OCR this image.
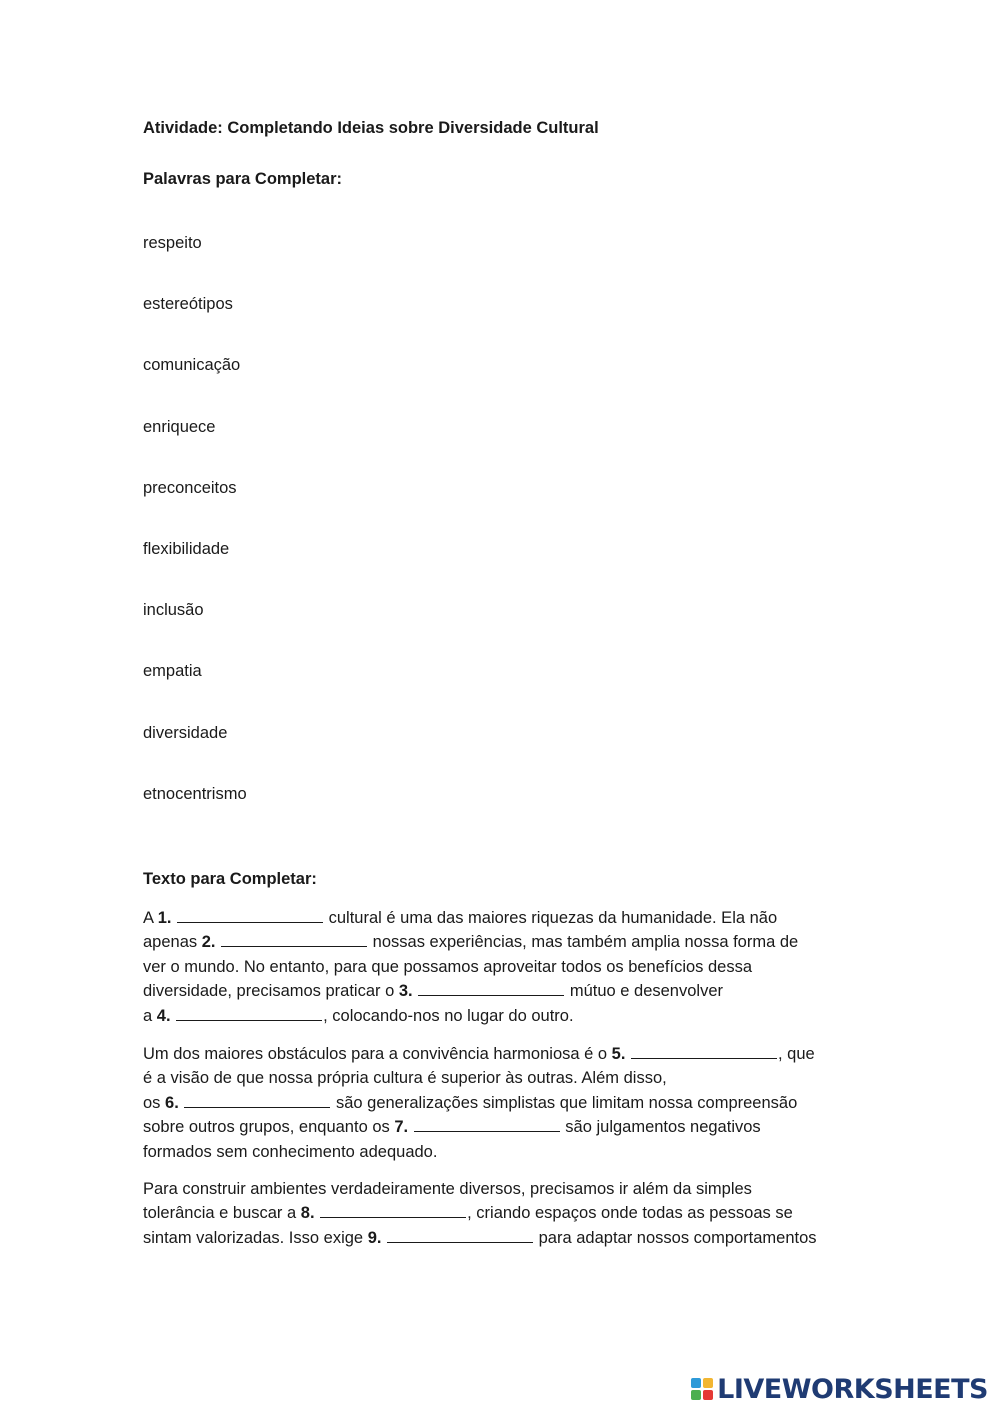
Atividade: Completando Ideias sobre Diversidade Cultural
Palavras para Completar:
respeito
estereótipos
comunicação
enriquece
preconceitos
flexibilidade
inclusão
empatia
diversidade
etnocentrismo
Texto para Completar:

A 1.	cultural é uma das maiores riquezas da humanidade. Ela não
apenas 2.	nossas experiências, mas também amplia nossa forma de
ver o mundo. No entanto, para que possamos aproveitar todos os benefícios dessa
diversidade, precisamos praticar o 3.	mútuo e desenvolver
a 4.	, colocando-nos no lugar do outro.

Um dos maiores obstáculos para a convivência harmoniosa é o 5.	, que
é a visão de que nossa própria cultura é superior às outras. Além disso,
os 6.	são generalizações simplistas que limitam nossa compreensão
sobre outros grupos, enquanto os 7.	são julgamentos negativos
formados sem conhecimento adequado.

Para construir ambientes verdadeiramente diversos, precisamos ir além da simples
tolerância e buscar a 8.	, criando espaços onde todas as pessoas se
sintam valorizadas. Isso exige 9.	para adaptar nossos comportamentos

LIVEWORKSHEETS
